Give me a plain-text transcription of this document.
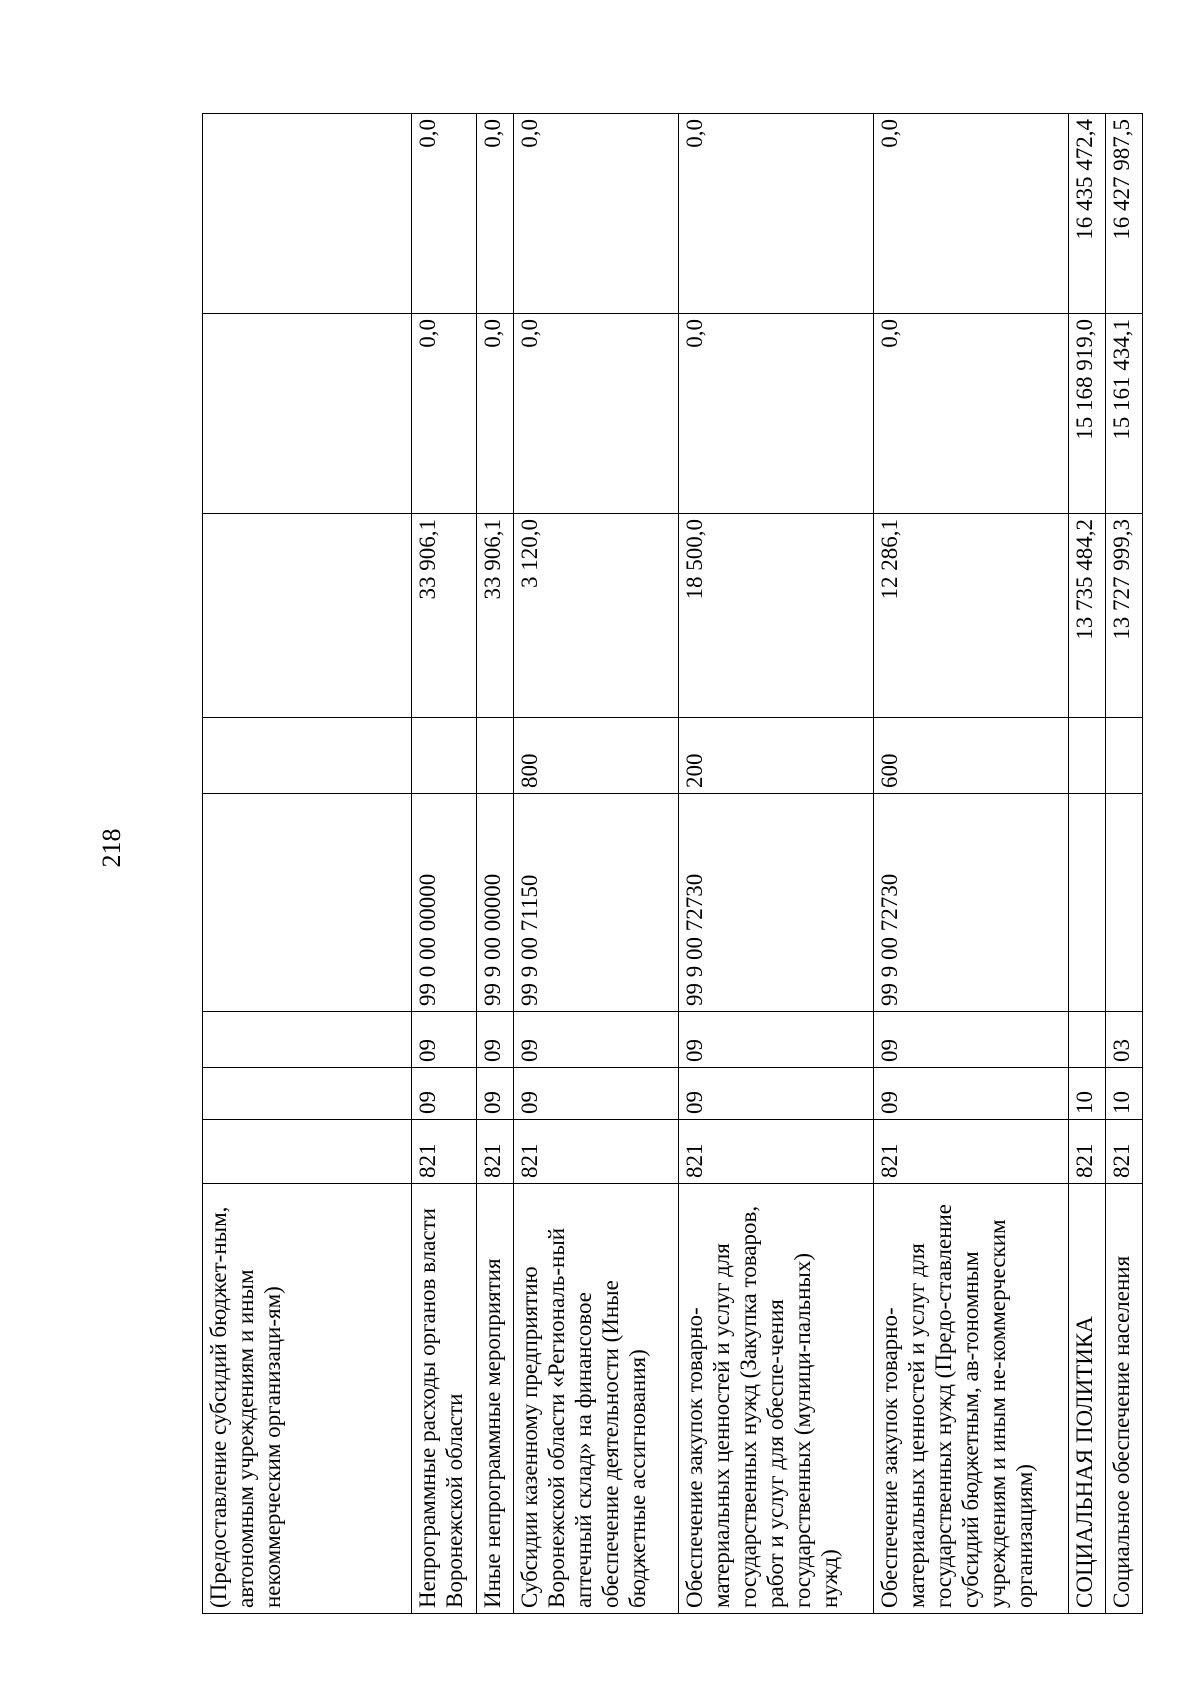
218
(Предоставление субсидий бюджет-ным, автономным учреждениям и иным некоммерческим организаци-ям)								
Непрограммные расходы органов власти Воронежской области	821	09	09	99 0 00 00000		33 906,1	0,0	0,0
Иные непрограммные мероприятия	821	09	09	99 9 00 00000		33 906,1	0,0	0,0
Субсидии казенному предприятию Воронежской области «Региональ-ный аптечный склад» на финансовое обеспечение деятельности (Иные бюджетные ассигнования)	821	09	09	99 9 00 71150	800	3 120,0	0,0	0,0
Обеспечение закупок товарно-материальных ценностей и услуг для государственных нужд (Закупка товаров, работ и услуг для обеспе-чения государственных (муници-пальных) нужд)	821	09	09	99 9 00 72730	200	18 500,0	0,0	0,0
Обеспечение закупок товарно-материальных ценностей и услуг для государственных нужд (Предо-ставление субсидий бюджетным, ав-тономным учреждениям и иным не-коммерческим организациям)	821	09	09	99 9 00 72730	600	12 286,1	0,0	0,0
СОЦИАЛЬНАЯ ПОЛИТИКА	821	10				13 735 484,2	15 168 919,0	16 435 472,4
Социальное обеспечение населения	821	10	03			13 727 999,3	15 161 434,1	16 427 987,5
